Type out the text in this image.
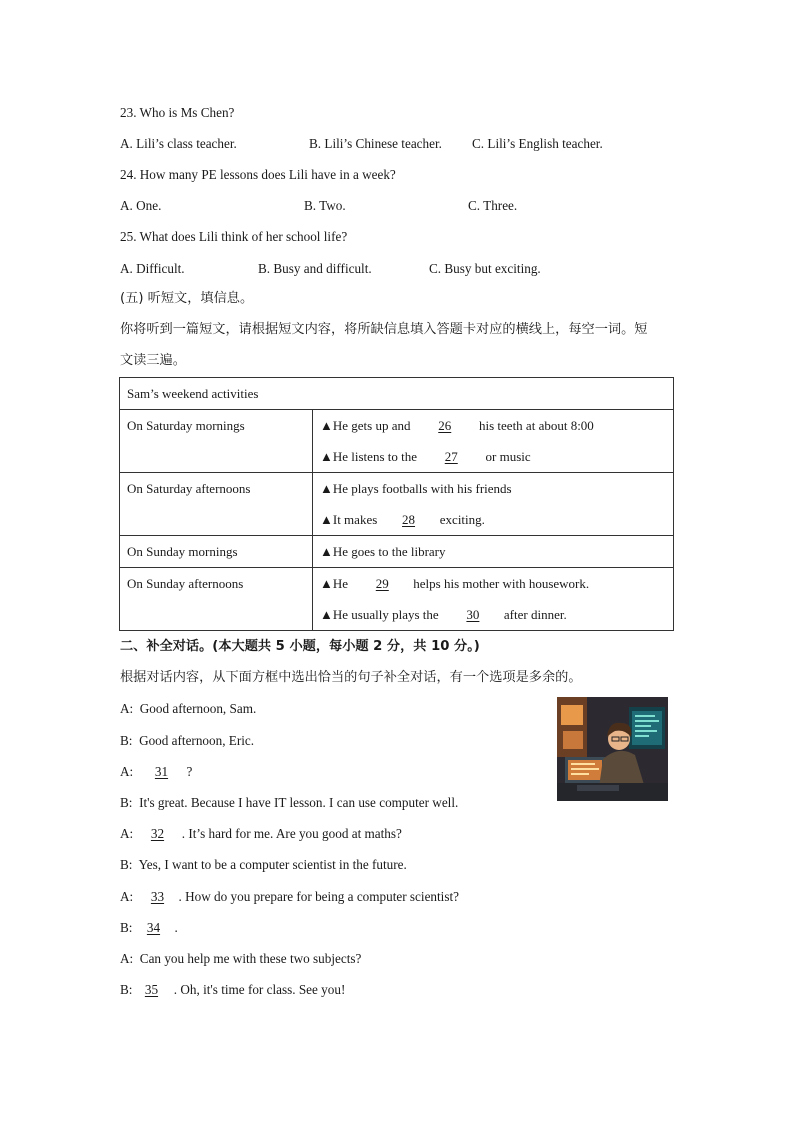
23. Who is Ms Chen?
A. Lili’s class teacher.	B. Lili’s Chinese teacher. C. Lili’s English teacher.
24. How many PE lessons does Lili have in a week?
A. One.	B. Two.	C. Three.
25. What does Lili think of her school life?
A. Difficult.	B. Busy and difficult.	C. Busy but exciting.
(五) 听短文，填信息。
你将听到一篇短文，请根据短文内容，将所缺信息填入答题卡对应的横线上，每空一词。短
文读三遍。
Sam’s weekend activities	

On Saturday mornings	▲He gets up and 26 his teeth at about 8:00
▲He listens to the 27 or music

On Saturday afternoons	▲He plays footballs with his friends
▲It makes 28 exciting.

On Sunday mornings	▲He goes to the library

On Sunday afternoons	▲He 29 helps his mother with housework.
▲He usually plays the 30 after dinner.
二、补全对话。(本大题共 5 小题，每小题 2 分，共 10 分。)
根据对话内容，从下面方框中选出恰当的句子补全对话，有一个选项是多余的。
A: Good afternoon, Sam.
B: Good afternoon, Eric.
A: 31 ?
B: It's great. Because I have IT lesson. I can use computer well.
A: 32 . It’s hard for me. Are you good at maths?
B: Yes, I want to be a computer scientist in the future.
A: 33 . How do you prepare for being a computer scientist?
B: 34 .
A: Can you help me with these two subjects?
B: 35 . Oh, it's time for class. See you!
